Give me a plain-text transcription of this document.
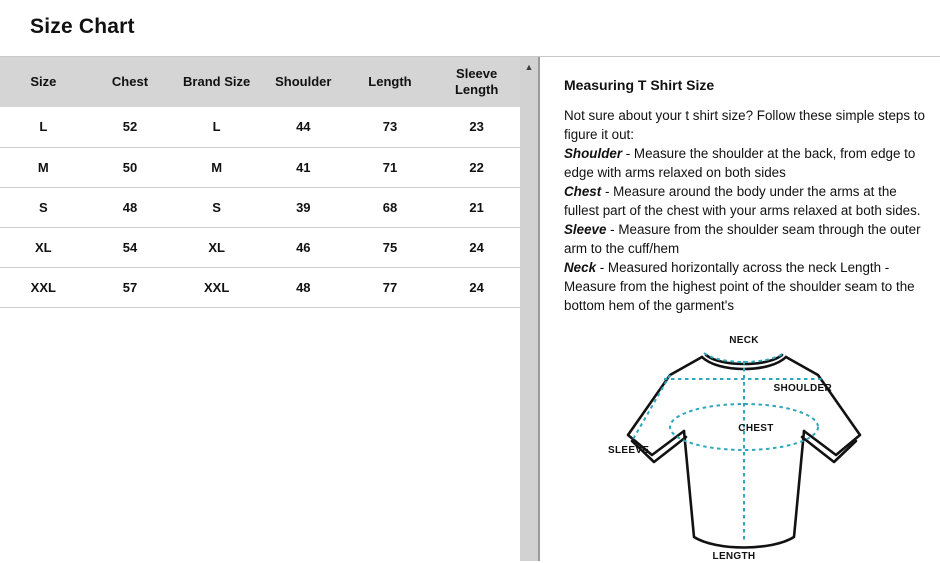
Size Chart
Size	Chest	Brand Size	Shoulder	Length	Sleeve Length
L	52	L	44	73	23
M	50	M	41	71	22
S	48	S	39	68	21
XL	54	XL	46	75	24
XXL	57	XXL	48	77	24
▲
Measuring T Shirt Size
Not sure about your t shirt size? Follow these simple steps to figure it out:
Shoulder - Measure the shoulder at the back, from edge to edge with arms relaxed on both sides
Chest - Measure around the body under the arms at the fullest part of the chest with your arms relaxed at both sides.
Sleeve - Measure from the shoulder seam through the outer arm to the cuff/hem
Neck - Measured horizontally across the neck Length - Measure from the highest point of the shoulder seam to the bottom hem of the garment's
NECK
SHOULDER
SLEEVE
CHEST
LENGTH
